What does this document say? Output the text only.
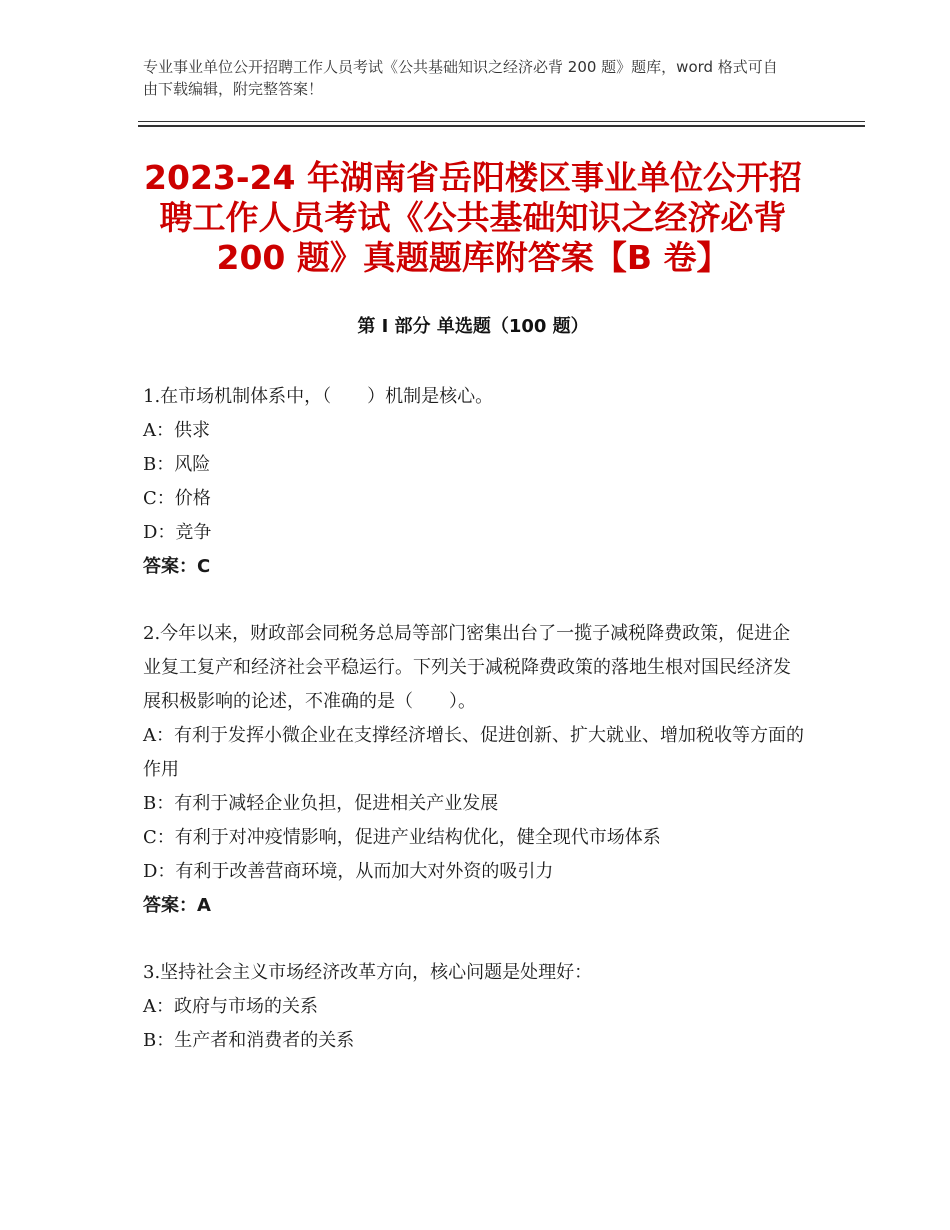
专业事业单位公开招聘工作人员考试《公共基础知识之经济必背 200 题》题库，word 格式可自由下载编辑，附完整答案！

2023-24 年湖南省岳阳楼区事业单位公开招聘工作人员考试《公共基础知识之经济必背 200 题》真题题库附答案【B 卷】
第 I 部分 单选题（100 题）

1.在市场机制体系中，（　　）机制是核心。

A：供求

B：风险

C：价格

D：竞争

答案：C

2.今年以来，财政部会同税务总局等部门密集出台了一揽子减税降费政策，促进企业复工复产和经济社会平稳运行。下列关于减税降费政策的落地生根对国民经济发展积极影响的论述，不准确的是（　　）。

A：有利于发挥小微企业在支撑经济增长、促进创新、扩大就业、增加税收等方面的作用

B：有利于减轻企业负担，促进相关产业发展

C：有利于对冲疫情影响，促进产业结构优化，健全现代市场体系

D：有利于改善营商环境，从而加大对外资的吸引力

答案：A

3.坚持社会主义市场经济改革方向，核心问题是处理好：

A：政府与市场的关系

B：生产者和消费者的关系
